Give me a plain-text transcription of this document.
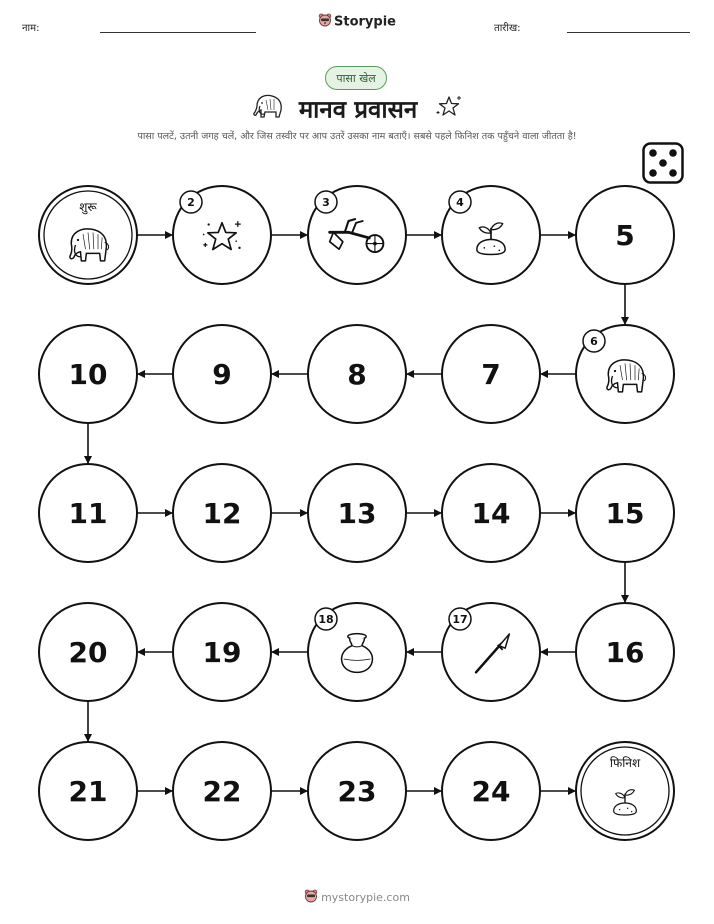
नाम:	Storypie	तारीख:
पासा खेल
मानव प्रवासन
पासा पलटें, उतनी जगह चलें, और जिस तस्वीर पर आप उतरें उसका नाम बताएँ। सबसे पहले फिनिश तक पहुँचने वाला जीतता है!
शुरू	2	3	4
5
6
7
8
9
10
11	12	13	14	15
16
17
18
19
20
21	22	23	24
फिनिश
mystorypie.com
